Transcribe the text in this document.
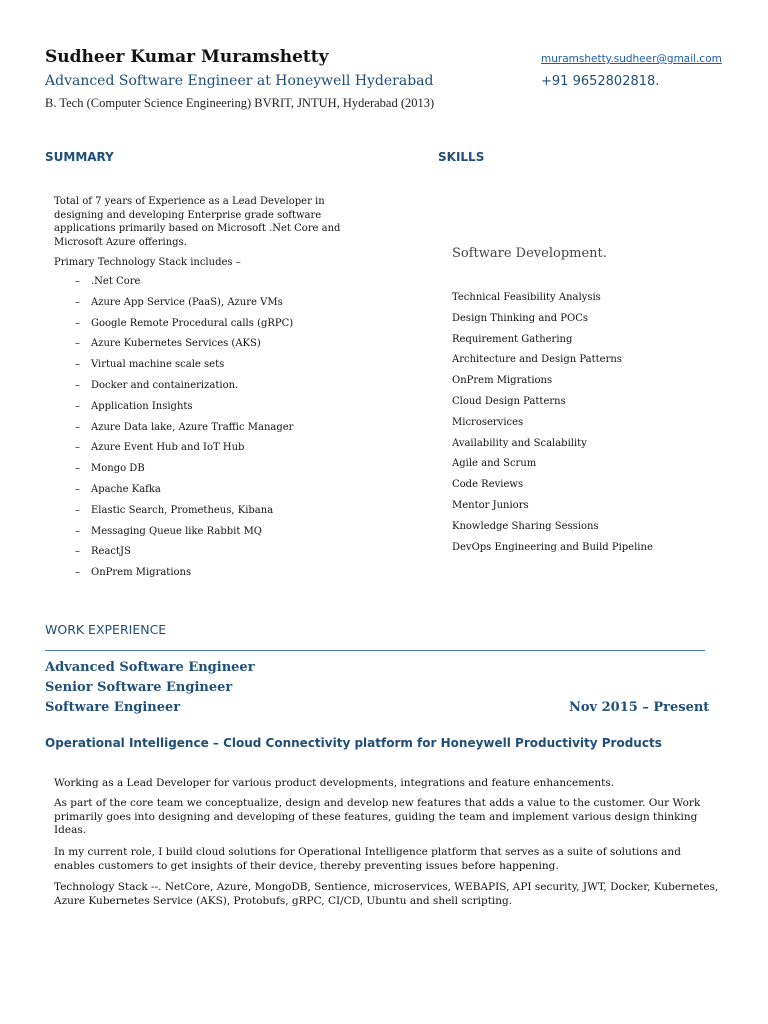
Sudheer Kumar Muramshetty
Advanced Software Engineer at Honeywell Hyderabad
B. Tech (Computer Science Engineering) BVRIT, JNTUH, Hyderabad (2013)
muramshetty.sudheer@gmail.com
+91 9652802818.
SUMMARY
Total of 7 years of Experience as a Lead Developer in designing and developing Enterprise grade software applications primarily based on Microsoft .Net Core and Microsoft Azure offerings.
Primary Technology Stack includes –
– .Net Core
– Azure App Service (PaaS), Azure VMs
– Google Remote Procedural calls (gRPC)
– Azure Kubernetes Services (AKS)
– Virtual machine scale sets
– Docker and containerization.
– Application Insights
– Azure Data lake, Azure Traffic Manager
– Azure Event Hub and IoT Hub
– Mongo DB
– Apache Kafka
– Elastic Search, Prometheus, Kibana
– Messaging Queue like Rabbit MQ
– ReactJS
– OnPrem Migrations
SKILLS
Software Development.
Technical Feasibility Analysis
Design Thinking and POCs
Requirement Gathering
Architecture and Design Patterns
OnPrem Migrations
Cloud Design Patterns
Microservices
Availability and Scalability
Agile and Scrum
Code Reviews
Mentor Juniors
Knowledge Sharing Sessions
DevOps Engineering and Build Pipeline
WORK EXPERIENCE
Advanced Software Engineer
Senior Software Engineer
Software Engineer	Nov 2015 – Present
Operational Intelligence – Cloud Connectivity platform for Honeywell Productivity Products
Working as a Lead Developer for various product developments, integrations and feature enhancements.
As part of the core team we conceptualize, design and develop new features that adds a value to the customer. Our Work primarily goes into designing and developing of these features, guiding the team and implement various design thinking Ideas.
In my current role, I build cloud solutions for Operational Intelligence platform that serves as a suite of solutions and enables customers to get insights of their device, thereby preventing issues before happening.
Technology Stack --. NetCore, Azure, MongoDB, Sentience, microservices, WEBAPIS, API security, JWT, Docker, Kubernetes, Azure Kubernetes Service (AKS), Protobufs, gRPC, CI/CD, Ubuntu and shell scripting.
